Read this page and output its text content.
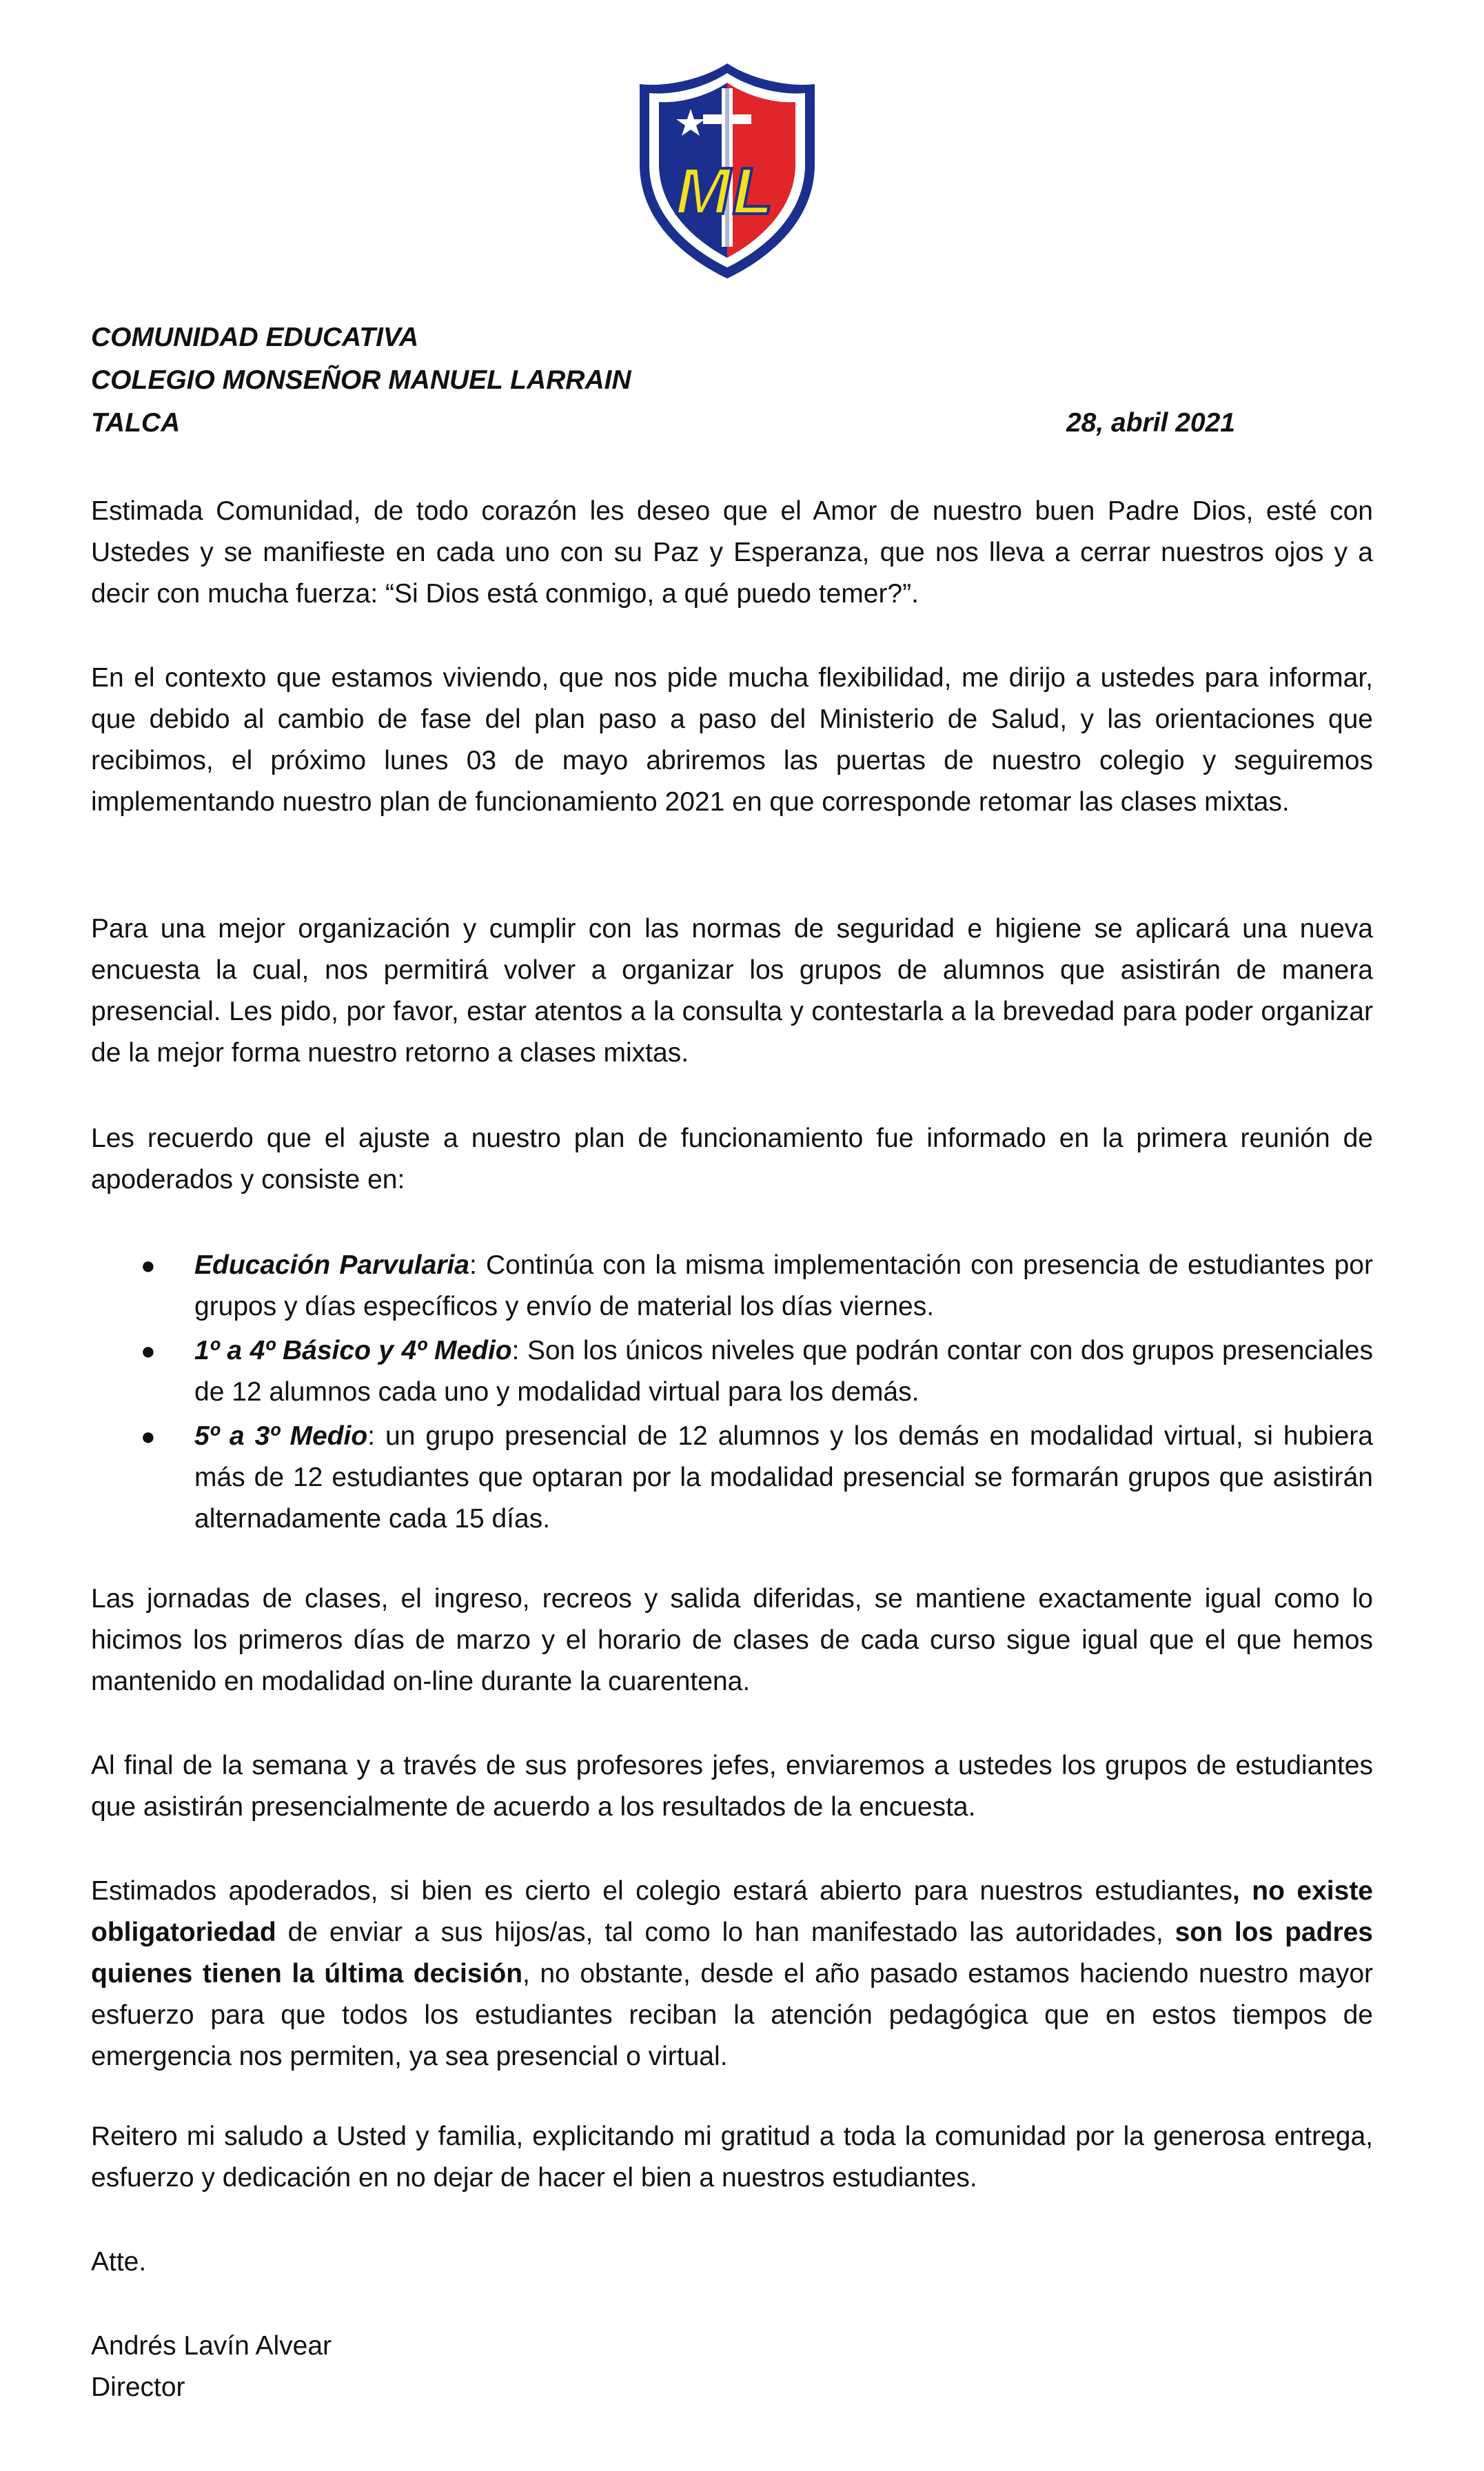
M L
COMUNIDAD EDUCATIVA
COLEGIO MONSEÑOR MANUEL LARRAIN
TALCA	28, abril 2021

Estimada Comunidad, de todo corazón les deseo que el Amor de nuestro buen Padre Dios, esté con Ustedes y se manifieste en cada uno con su Paz y Esperanza, que nos lleva a cerrar nuestros ojos y a decir con mucha fuerza: “Si Dios está conmigo, a qué puedo temer?”.

En el contexto que estamos viviendo, que nos pide mucha flexibilidad, me dirijo a ustedes para informar, que debido al cambio de fase del plan paso a paso del Ministerio de Salud, y las orientaciones que recibimos, el próximo lunes 03 de mayo abriremos las puertas de nuestro colegio y seguiremos implementando nuestro plan de funcionamiento 2021 en que corresponde retomar las clases mixtas.

Para una mejor organización y cumplir con las normas de seguridad e higiene se aplicará una nueva encuesta la cual, nos permitirá volver a organizar los grupos de alumnos que asistirán de manera presencial. Les pido, por favor, estar atentos a la consulta y contestarla a la brevedad para poder organizar de la mejor forma nuestro retorno a clases mixtas.

Les recuerdo que el ajuste a nuestro plan de funcionamiento fue informado en la primera reunión de apoderados y consiste en:

● Educación Parvularia: Continúa con la misma implementación con presencia de estudiantes por grupos y días específicos y envío de material los días viernes.
● 1º a 4º Básico y 4º Medio: Son los únicos niveles que podrán contar con dos grupos presenciales de 12 alumnos cada uno y modalidad virtual para los demás.
● 5º a 3º Medio: un grupo presencial de 12 alumnos y los demás en modalidad virtual, si hubiera más de 12 estudiantes que optaran por la modalidad presencial se formarán grupos que asistirán alternadamente cada 15 días.

Las jornadas de clases, el ingreso, recreos y salida diferidas, se mantiene exactamente igual como lo hicimos los primeros días de marzo y el horario de clases de cada curso sigue igual que el que hemos mantenido en modalidad on-line durante la cuarentena.

Al final de la semana y a través de sus profesores jefes, enviaremos a ustedes los grupos de estudiantes que asistirán presencialmente de acuerdo a los resultados de la encuesta.

Estimados apoderados, si bien es cierto el colegio estará abierto para nuestros estudiantes, no existe obligatoriedad de enviar a sus hijos/as, tal como lo han manifestado las autoridades, son los padres quienes tienen la última decisión, no obstante, desde el año pasado estamos haciendo nuestro mayor esfuerzo para que todos los estudiantes reciban la atención pedagógica que en estos tiempos de emergencia nos permiten, ya sea presencial o virtual.

Reitero mi saludo a Usted y familia, explicitando mi gratitud a toda la comunidad por la generosa entrega, esfuerzo y dedicación en no dejar de hacer el bien a nuestros estudiantes.

Atte.
Andrés Lavín Alvear
Director
